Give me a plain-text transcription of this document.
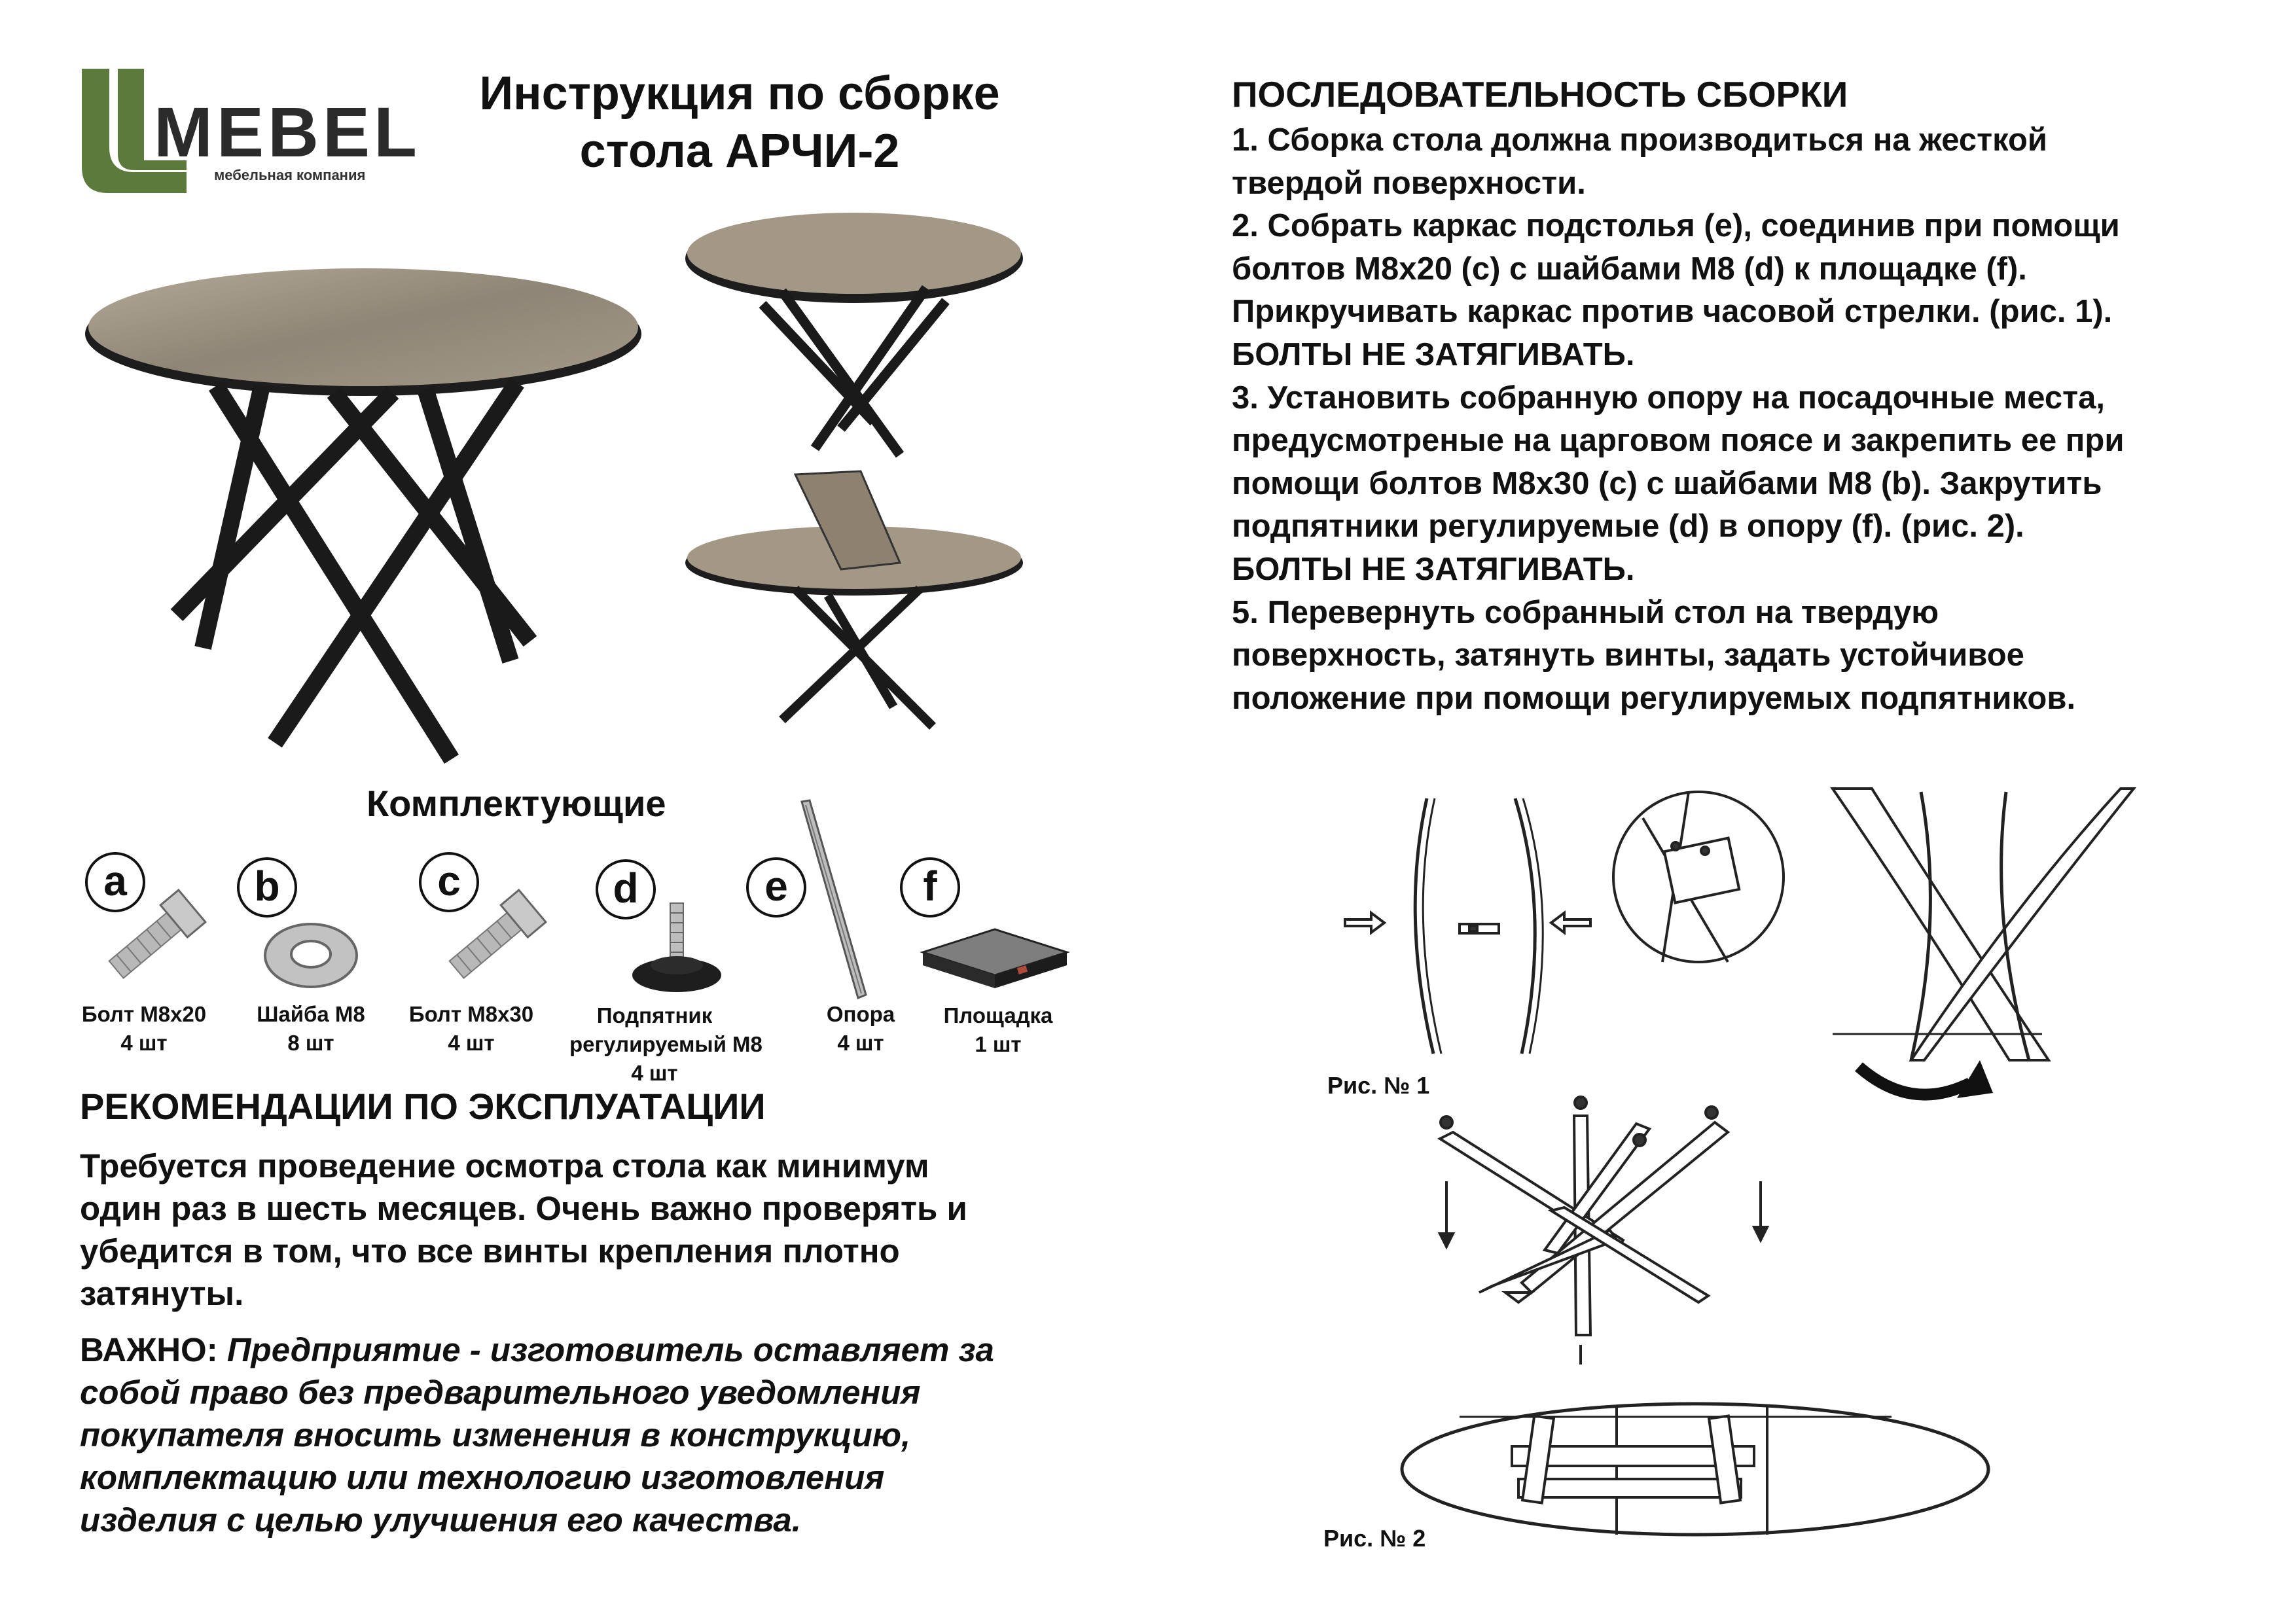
MEBEL
мебельная компания
Инструкция по сборке
стола АРЧИ-2
Комплектующие
a
Болт М8х20
4 шт
b
Шайба М8
8 шт
c
Болт М8х30
4 шт
d
Подпятник
регулируемый М8
4 шт
e
Опора
4 шт
f
Площадка
1 шт
РЕКОМЕНДАЦИИ ПО ЭКСПЛУАТАЦИИ
Требуется проведение осмотра стола как минимум
один раз в шесть месяцев. Очень важно проверять и
убедится в том, что все винты крепления плотно
затянуты.
ВАЖНО: Предприятие - изготовитель оставляет за
собой право без предварительного уведомления
покупателя вносить изменения в конструкцию,
комплектацию или технологию изготовления
изделия с целью улучшения его качества.
ПОСЛЕДОВАТЕЛЬНОСТЬ СБОРКИ
1. Сборка стола должна производиться на жесткой
твердой поверхности.
2. Собрать каркас подстолья (е), соединив при помощи
болтов М8х20 (с) с шайбами М8 (d) к площадке (f).
Прикручивать каркас против часовой стрелки. (рис. 1).
БОЛТЫ НЕ ЗАТЯГИВАТЬ.
3. Установить собранную опору на посадочные места,
предусмотреные на царговом поясе и закрепить ее при
помощи болтов М8х30 (с) с шайбами М8 (b). Закрутить
подпятники регулируемые (d) в опору (f). (рис. 2).
БОЛТЫ НЕ ЗАТЯГИВАТЬ.
5. Перевернуть собранный стол на твердую
поверхность, затянуть винты, задать устойчивое
положение при помощи регулируемых подпятников.
Рис. № 1
Рис. № 2
